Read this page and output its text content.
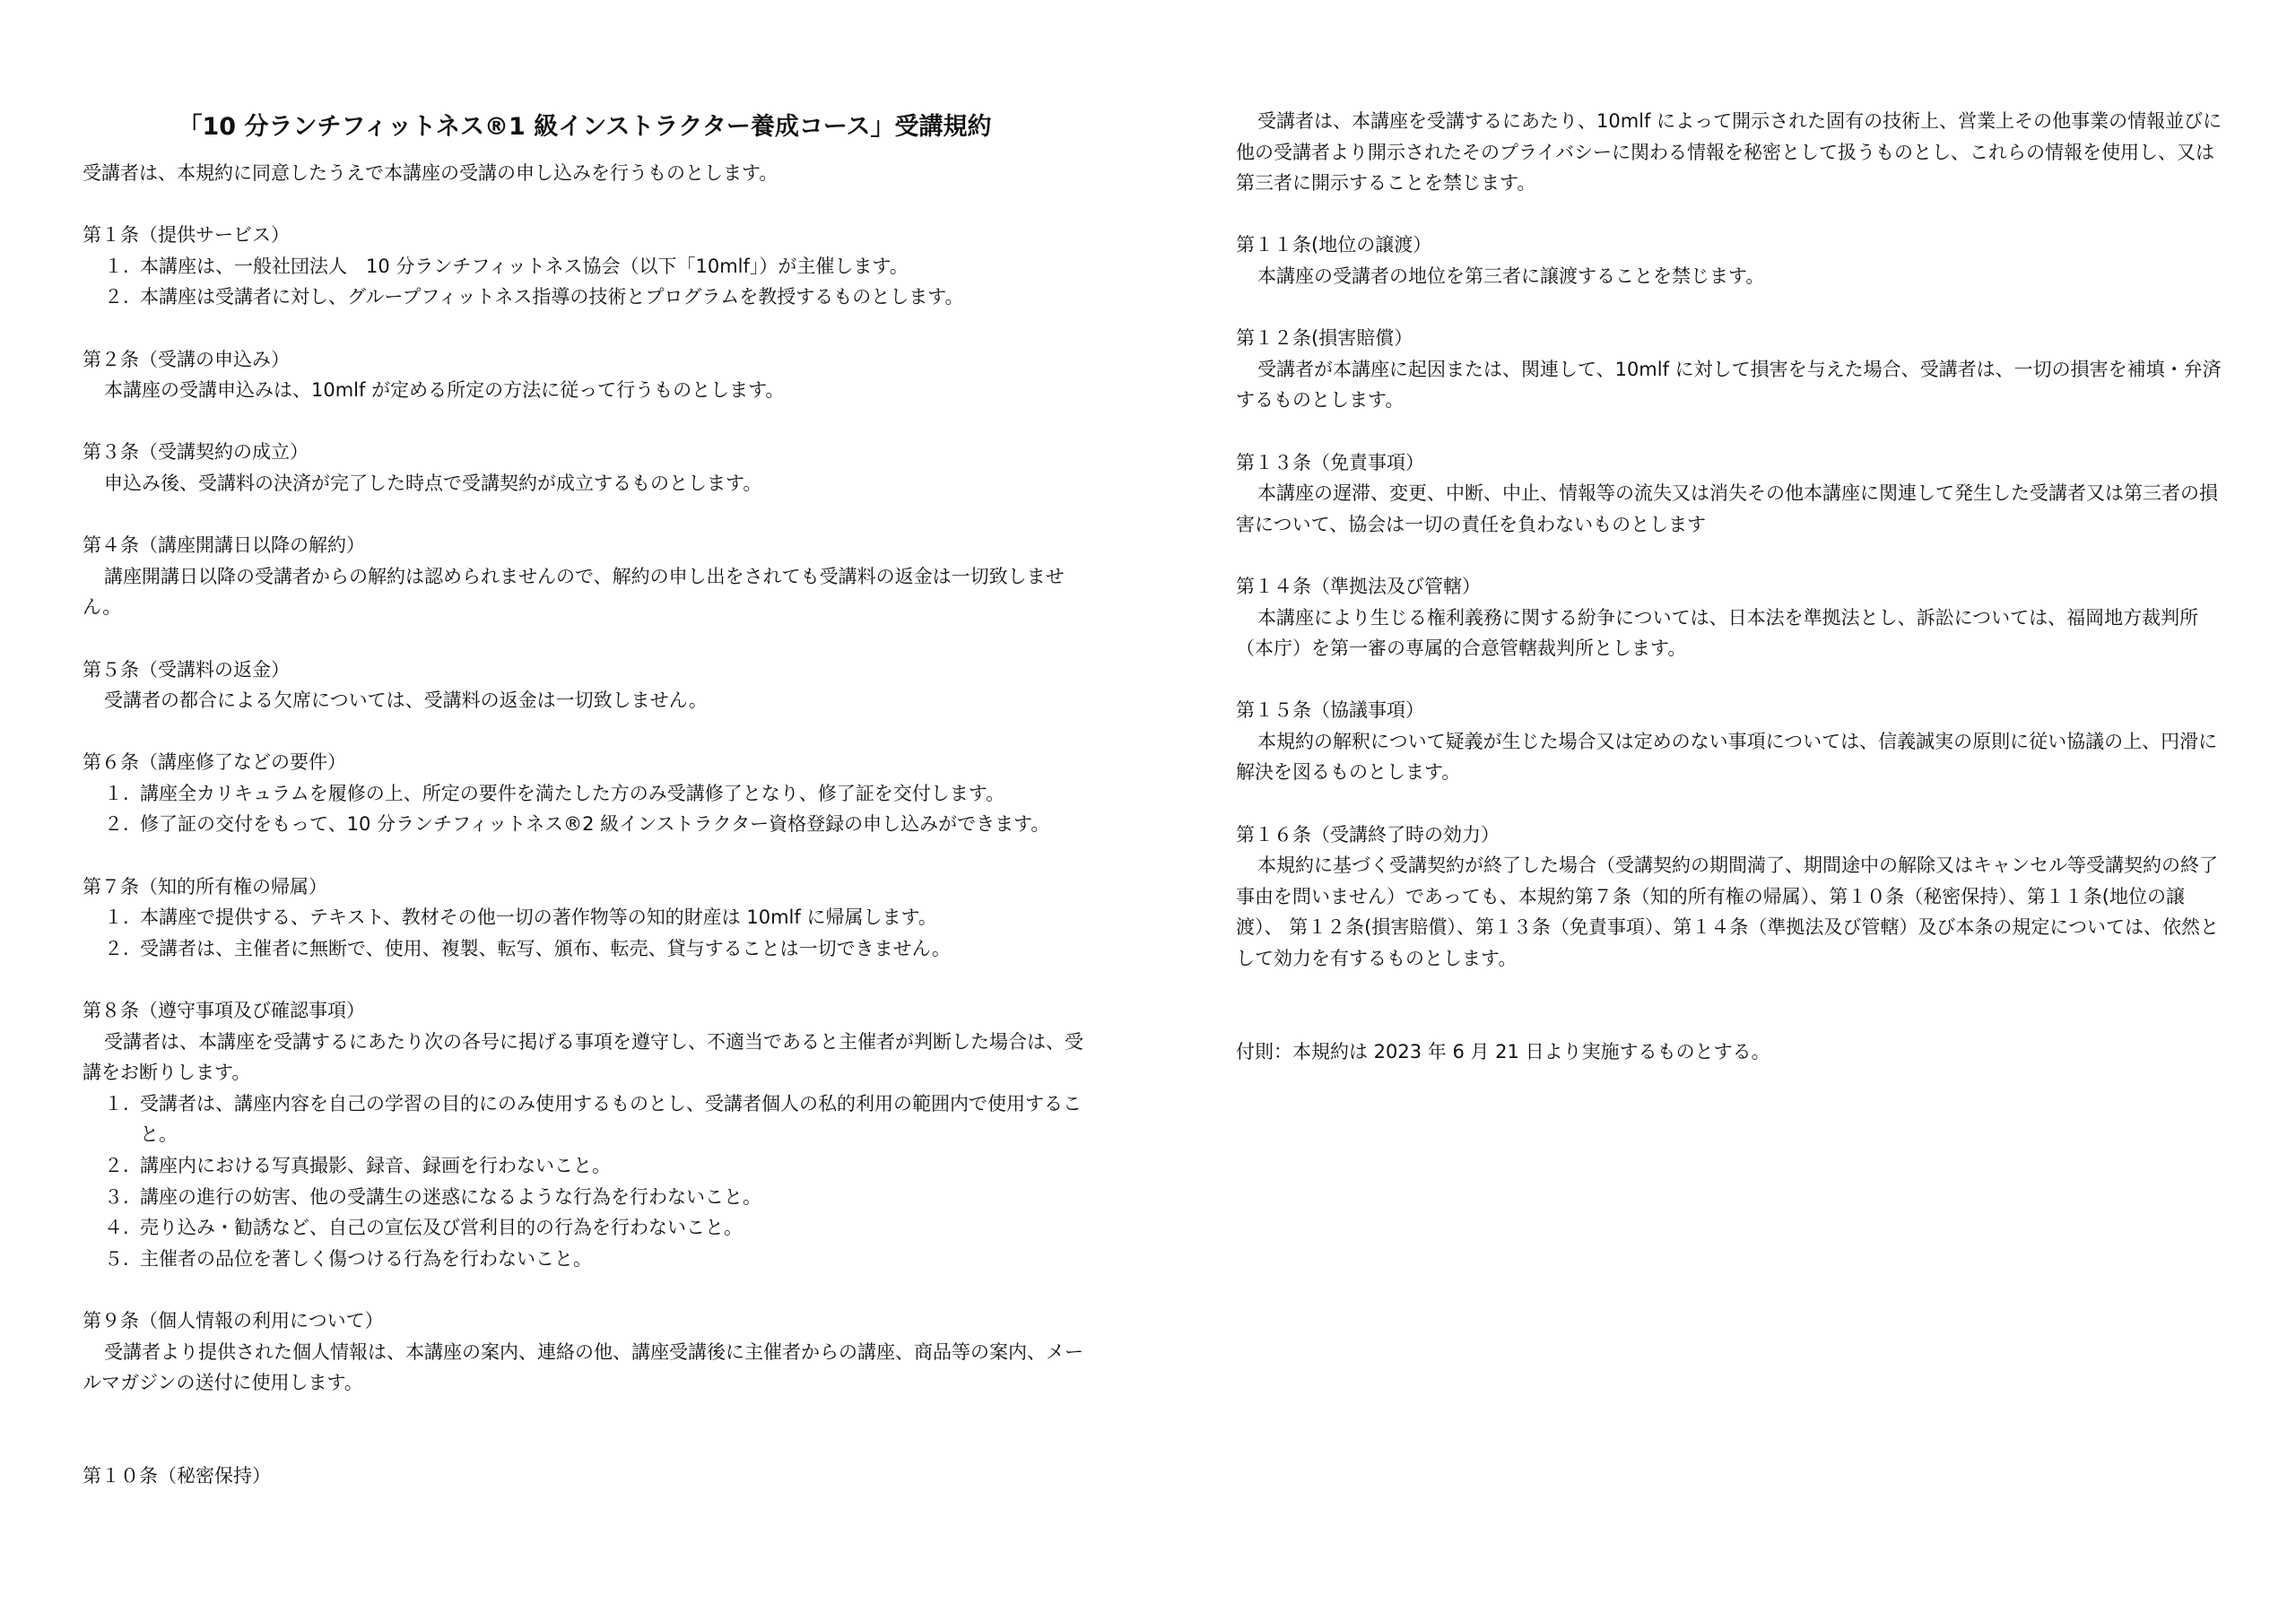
「10 分ランチフィットネス®1 級インストラクター養成コース」受講規約

受講者は、本規約に同意したうえで本講座の受講の申し込みを行うものとします。

第１条（提供サービス）

１. 本講座は、一般社団法人　10 分ランチフィットネス協会（以下「10mlf」）が主催します。
２. 本講座は受講者に対し、グループフィットネス指導の技術とプログラムを教授するものとします。

第２条（受講の申込み）

本講座の受講申込みは、10mlf が定める所定の方法に従って行うものとします。

第３条（受講契約の成立）

申込み後、受講料の決済が完了した時点で受講契約が成立するものとします。

第４条（講座開講日以降の解約）

講座開講日以降の受講者からの解約は認められませんので、解約の申し出をされても受講料の返金は一切致しません。

第５条（受講料の返金）

受講者の都合による欠席については、受講料の返金は一切致しません。

第６条（講座修了などの要件）

１. 講座全カリキュラムを履修の上、所定の要件を満たした方のみ受講修了となり、修了証を交付します。
２. 修了証の交付をもって、10 分ランチフィットネス®2 級インストラクター資格登録の申し込みができます。

第７条（知的所有権の帰属）

１. 本講座で提供する、テキスト、教材その他一切の著作物等の知的財産は 10mlf に帰属します。
２. 受講者は、主催者に無断で、使用、複製、転写、頒布、転売、貸与することは一切できません。

第８条（遵守事項及び確認事項）

受講者は、本講座を受講するにあたり次の各号に掲げる事項を遵守し、不適当であると主催者が判断した場合は、受講をお断りします。

１. 受講者は、講座内容を自己の学習の目的にのみ使用するものとし、受講者個人の私的利用の範囲内で使用すること。
２. 講座内における写真撮影、録音、録画を行わないこと。
３. 講座の進行の妨害、他の受講生の迷惑になるような行為を行わないこと。
４. 売り込み・勧誘など、自己の宣伝及び営利目的の行為を行わないこと。
５. 主催者の品位を著しく傷つける行為を行わないこと。

第９条（個人情報の利用について）

受講者より提供された個人情報は、本講座の案内、連絡の他、講座受講後に主催者からの講座、商品等の案内、メールマガジンの送付に使用します。

第１０条（秘密保持）

受講者は、本講座を受講するにあたり、10mlf によって開示された固有の技術上、営業上その他事業の情報並びに他の受講者より開示されたそのプライバシーに関わる情報を秘密として扱うものとし、これらの情報を使用し、又は第三者に開示することを禁じます。

第１１条(地位の譲渡）

本講座の受講者の地位を第三者に譲渡することを禁じます。

第１２条(損害賠償）

受講者が本講座に起因または、関連して、10mlf に対して損害を与えた場合、受講者は、一切の損害を補填・弁済するものとします。

第１３条（免責事項）

本講座の遅滞、変更、中断、中止、情報等の流失又は消失その他本講座に関連して発生した受講者又は第三者の損害について、協会は一切の責任を負わないものとします

第１４条（準拠法及び管轄）

本講座により生じる権利義務に関する紛争については、日本法を準拠法とし、訴訟については、福岡地方裁判所（本庁）を第一審の専属的合意管轄裁判所とします。

第１５条（協議事項）

本規約の解釈について疑義が生じた場合又は定めのない事項については、信義誠実の原則に従い協議の上、円滑に解決を図るものとします。

第１６条（受講終了時の効力）

本規約に基づく受講契約が終了した場合（受講契約の期間満了、期間途中の解除又はキャンセル等受講契約の終了事由を問いません）であっても、本規約第７条（知的所有権の帰属）、第１０条（秘密保持）、第１１条(地位の譲渡）、 第１２条(損害賠償）、第１３条（免責事項）、第１４条（準拠法及び管轄）及び本条の規定については、依然として効力を有するものとします。

付則：本規約は 2023 年 6 月 21 日より実施するものとする。
